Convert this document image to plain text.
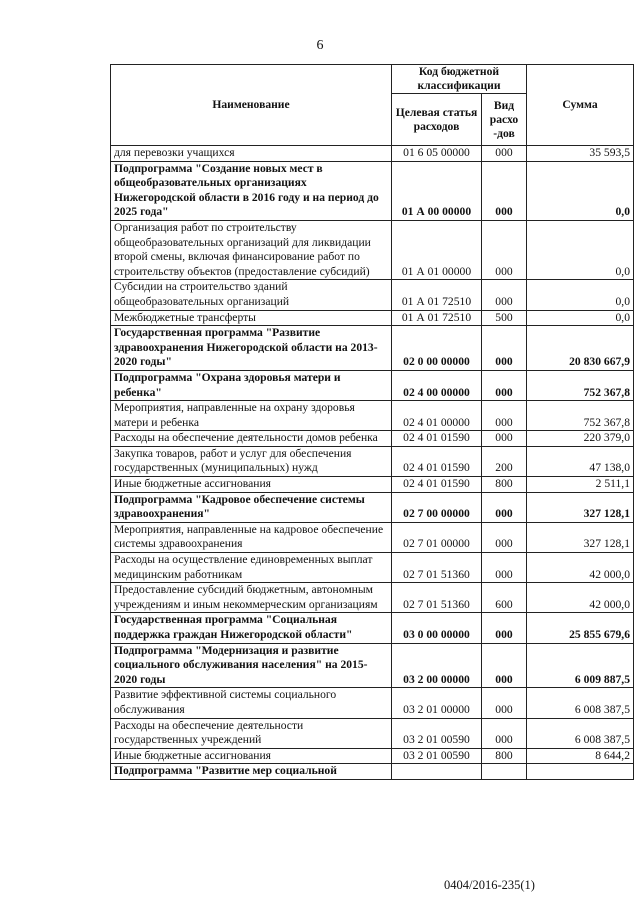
6
Наименование	Код бюджетной классификации		Сумма
	Целевая статья расходов	Вид расхо -дов	
для перевозки учащихся	01 6 05 00000	000	35 593,5
Подпрограмма "Создание новых мест в общеобразовательных организациях Нижегородской области в 2016 году и на период до 2025 года"	01 А 00 00000	000	0,0
Организация работ по строительству общеобразовательных организаций для ликвидации второй смены, включая финансирование работ по строительству объектов (предоставление субсидий)	01 А 01 00000	000	0,0
Субсидии на строительство зданий общеобразовательных организаций	01 А 01 72510	000	0,0
Межбюджетные трансферты	01 А 01 72510	500	0,0
Государственная программа "Развитие здравоохранения Нижегородской области на 2013-2020 годы"	02 0 00 00000	000	20 830 667,9
Подпрограмма "Охрана здоровья матери и ребенка"	02 4 00 00000	000	752 367,8
Мероприятия, направленные на охрану здоровья матери и ребенка	02 4 01 00000	000	752 367,8
Расходы на обеспечение деятельности домов ребенка	02 4 01 01590	000	220 379,0
Закупка товаров, работ и услуг для обеспечения государственных (муниципальных) нужд	02 4 01 01590	200	47 138,0
Иные бюджетные ассигнования	02 4 01 01590	800	2 511,1
Подпрограмма "Кадровое обеспечение системы здравоохранения"	02 7 00 00000	000	327 128,1
Мероприятия, направленные на кадровое обеспечение системы здравоохранения	02 7 01 00000	000	327 128,1
Расходы на осуществление единовременных выплат медицинским работникам	02 7 01 51360	000	42 000,0
Предоставление субсидий бюджетным, автономным учреждениям и иным некоммерческим организациям	02 7 01 51360	600	42 000,0
Государственная программа "Социальная поддержка граждан Нижегородской области"	03 0 00 00000	000	25 855 679,6
Подпрограмма "Модернизация и развитие социального обслуживания населения" на 2015-2020 годы	03 2 00 00000	000	6 009 887,5
Развитие эффективной системы социального обслуживания	03 2 01 00000	000	6 008 387,5
Расходы на обеспечение деятельности государственных учреждений	03 2 01 00590	000	6 008 387,5
Иные бюджетные ассигнования	03 2 01 00590	800	8 644,2
Подпрограмма "Развитие мер социальной			
0404/2016-235(1)
